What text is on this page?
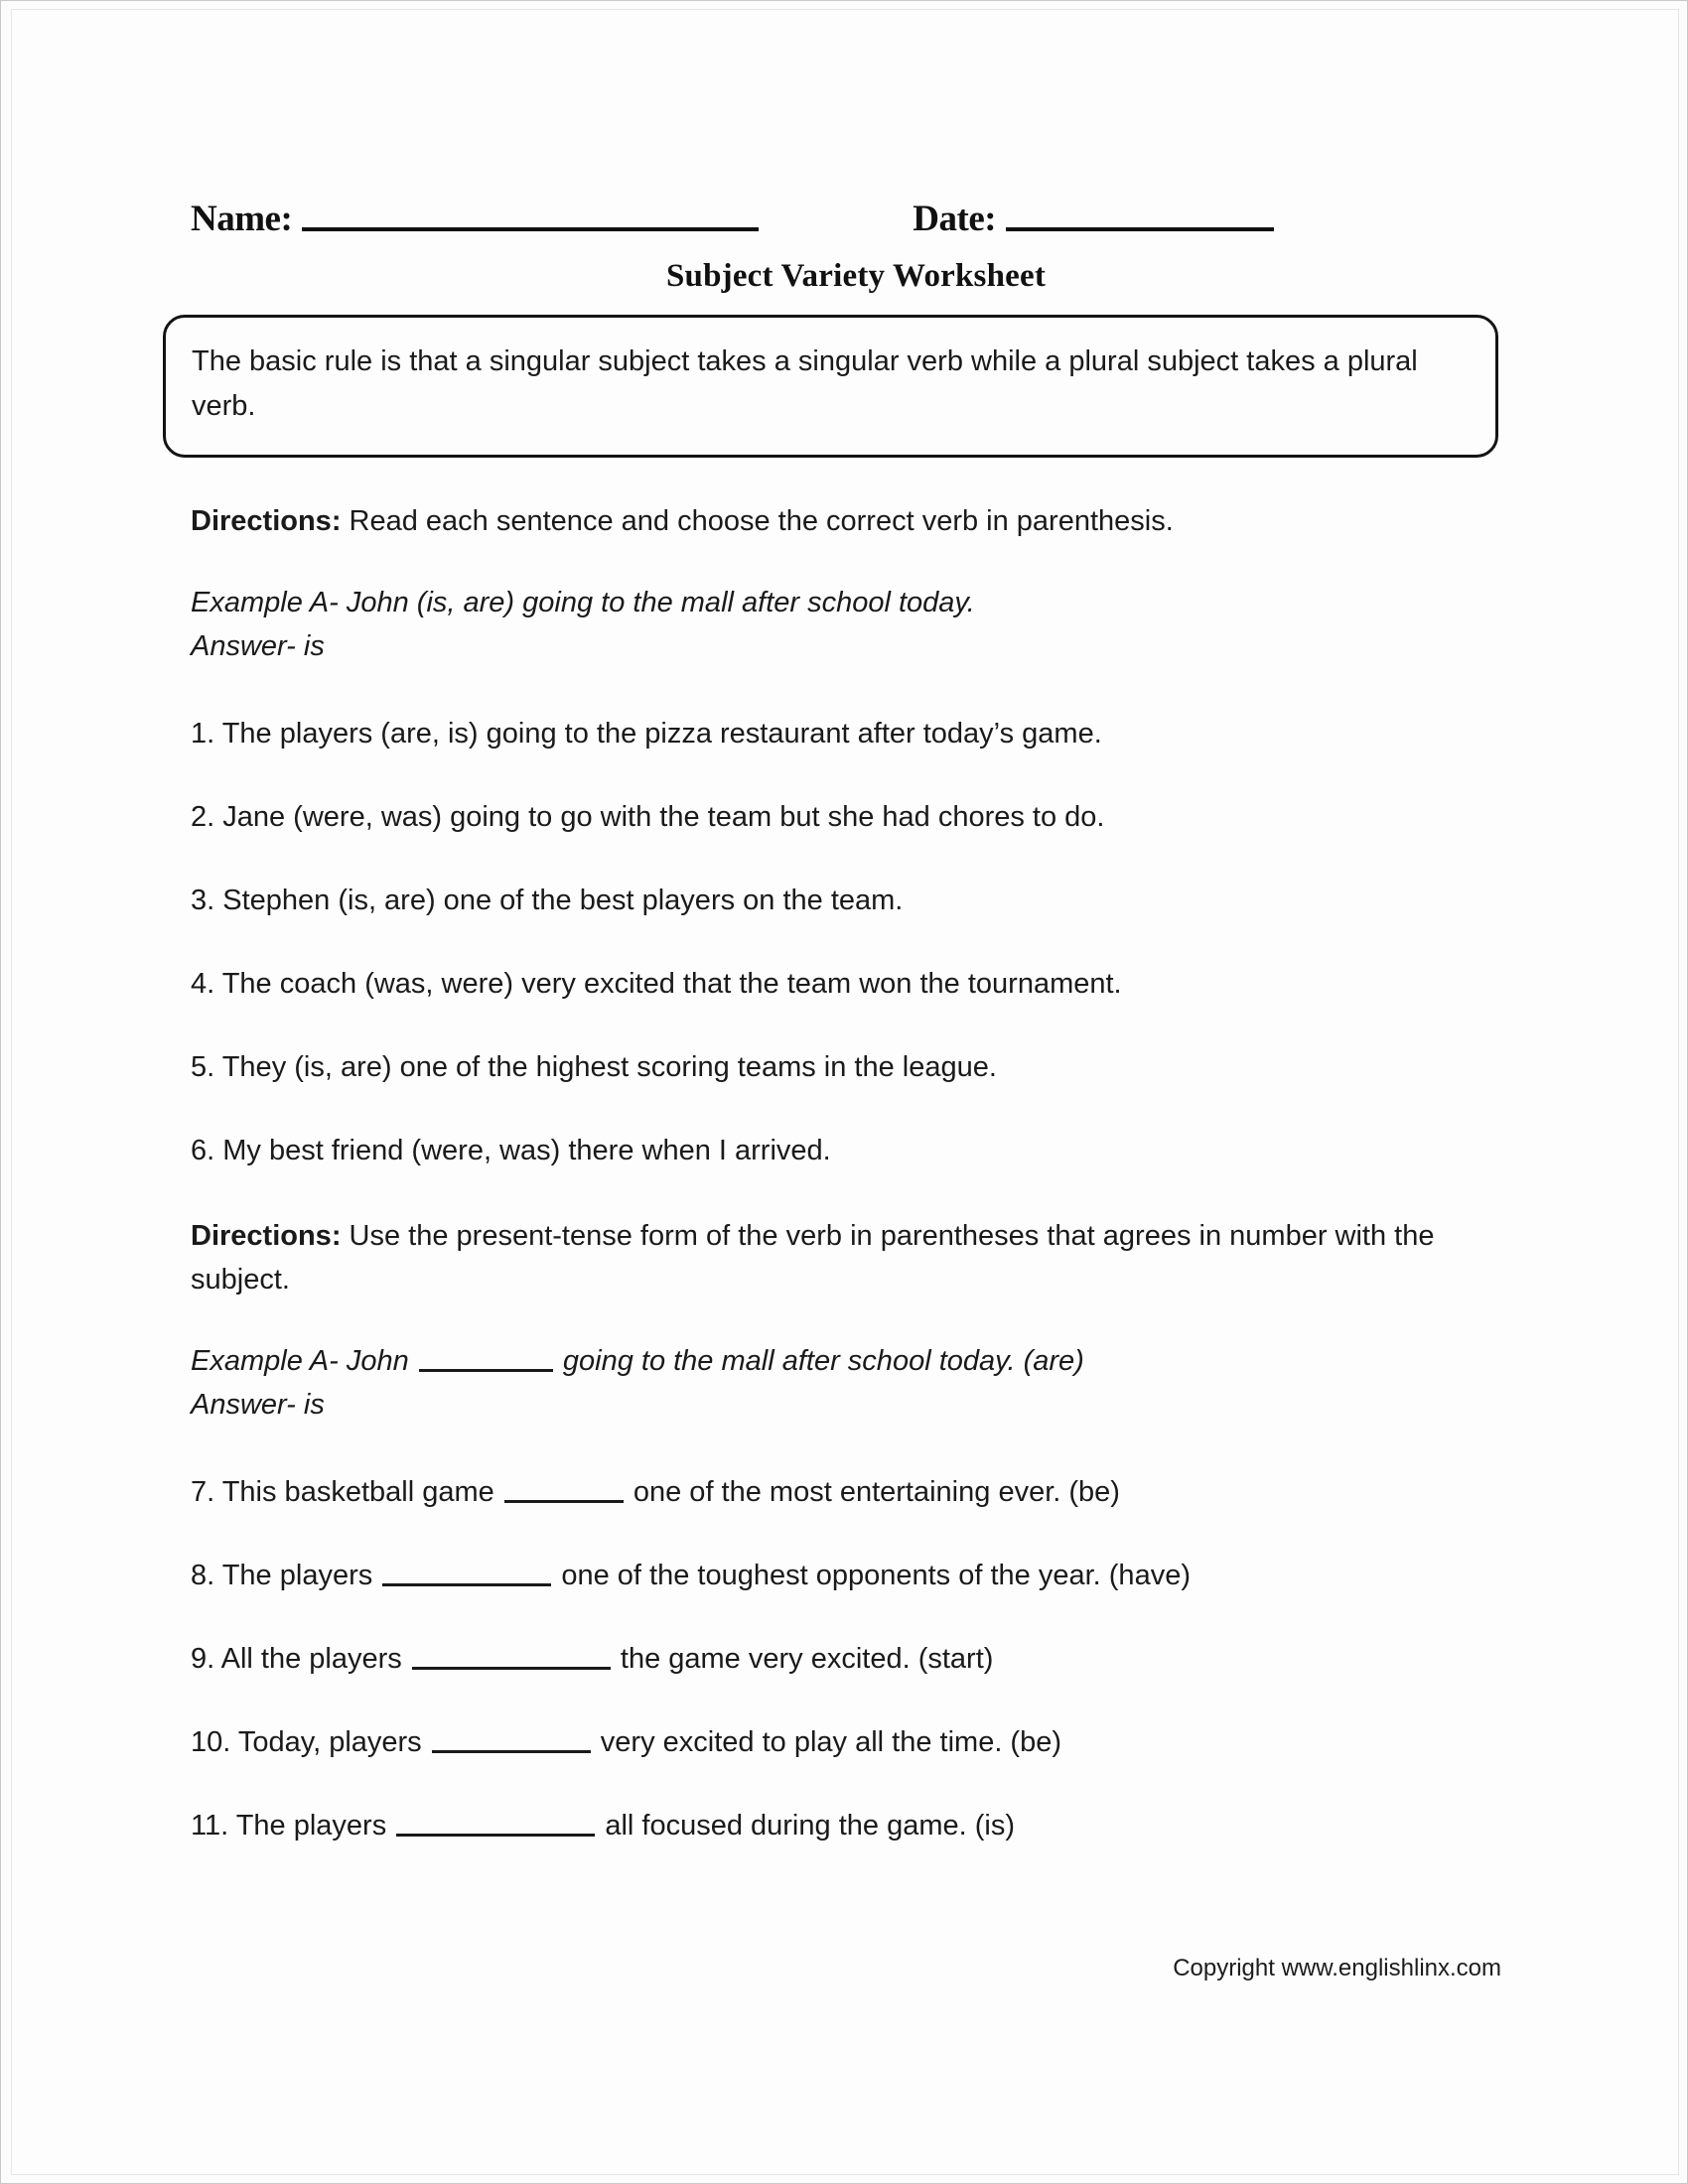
Name:	Date:
Subject Variety Worksheet

The basic rule is that a singular subject takes a singular verb while a plural subject takes a plural verb.

Directions: Read each sentence and choose the correct verb in parenthesis.

Example A- John (is, are) going to the mall after school today.
Answer- is

1. The players (are, is) going to the pizza restaurant after today’s game.

2. Jane (were, was) going to go with the team but she had chores to do.

3. Stephen (is, are) one of the best players on the team.

4. The coach (was, were) very excited that the team won the tournament.

5. They (is, are) one of the highest scoring teams in the league.

6. My best friend (were, was) there when I arrived.

Directions: Use the present-tense form of the verb in parentheses that agrees in number with the subject.

Example A- John	going to the mall after school today. (are)
Answer- is

7. This basketball game	one of the most entertaining ever. (be)

8. The players	one of the toughest opponents of the year. (have)

9. All the players	the game very excited. (start)

10. Today, players	very excited to play all the time. (be)

11. The players	all focused during the game. (is)

Copyright www.englishlinx.com
